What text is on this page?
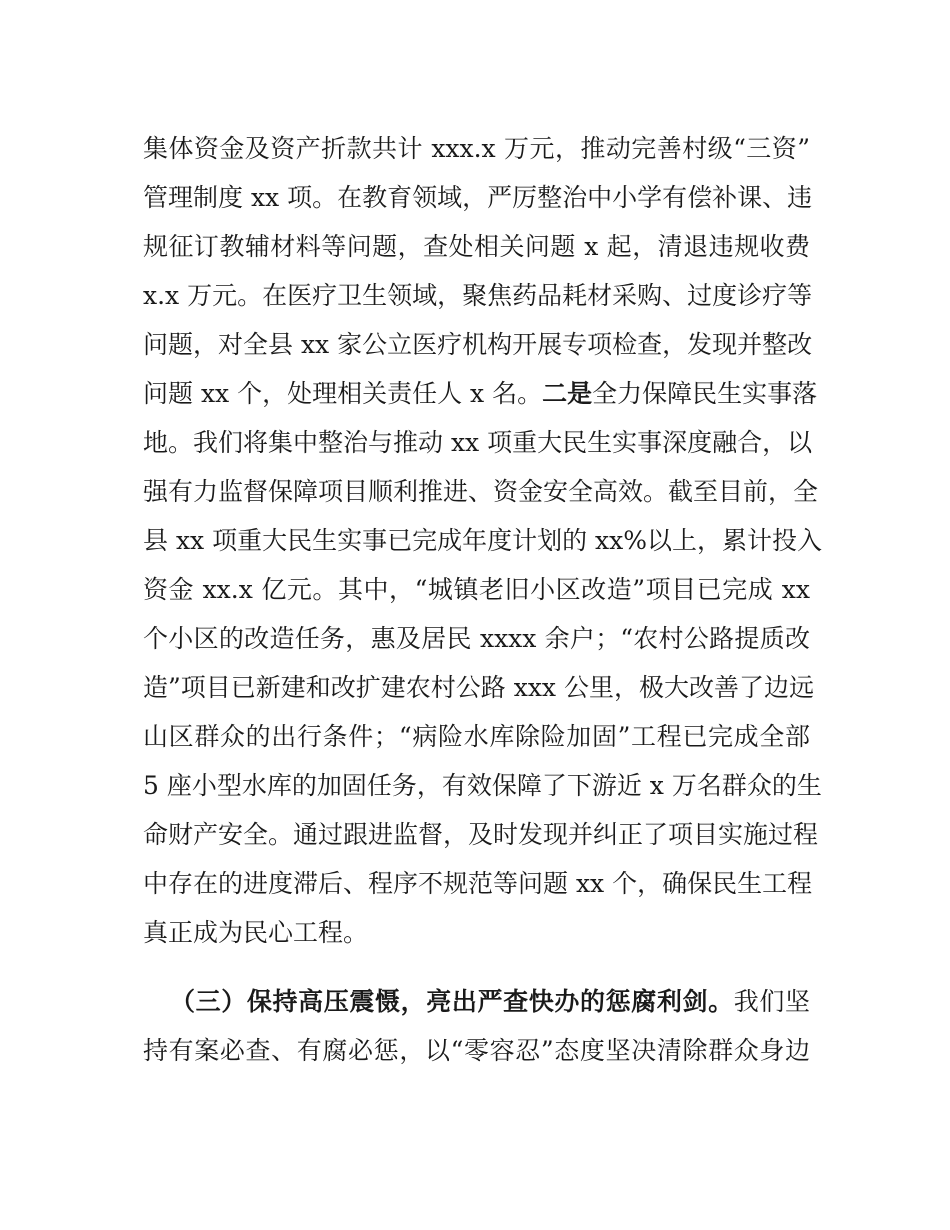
集体资金及资产折款共计 xxx.x 万元，推动完善村级“三资”
管理制度 xx 项。在教育领域，严厉整治中小学有偿补课、违
规征订教辅材料等问题，查处相关问题 x 起，清退违规收费
x.x 万元。在医疗卫生领域，聚焦药品耗材采购、过度诊疗等
问题，对全县 xx 家公立医疗机构开展专项检查，发现并整改
问题 xx 个，处理相关责任人 x 名。二是全力保障民生实事落
地。我们将集中整治与推动 xx 项重大民生实事深度融合，以
强有力监督保障项目顺利推进、资金安全高效。截至目前，全
县 xx 项重大民生实事已完成年度计划的 xx%以上，累计投入
资金 xx.x 亿元。其中，“城镇老旧小区改造”项目已完成 xx
个小区的改造任务，惠及居民 xxxx 余户；“农村公路提质改
造”项目已新建和改扩建农村公路 xxx 公里，极大改善了边远
山区群众的出行条件；“病险水库除险加固”工程已完成全部
5 座小型水库的加固任务，有效保障了下游近 x 万名群众的生
命财产安全。通过跟进监督，及时发现并纠正了项目实施过程
中存在的进度滞后、程序不规范等问题 xx 个，确保民生工程
真正成为民心工程。
（三）保持高压震慑，亮出严查快办的惩腐利剑。我们坚
持有案必查、有腐必惩，以“零容忍”态度坚决清除群众身边
